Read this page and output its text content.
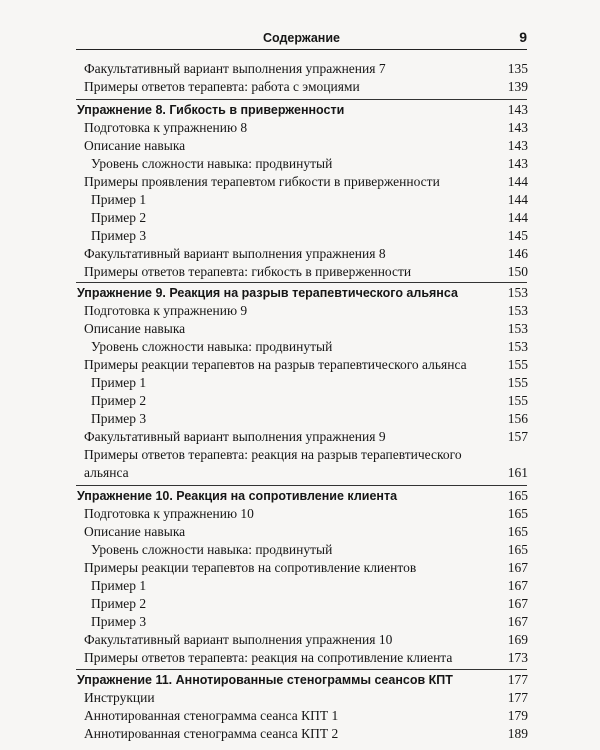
Содержание	9
Факультативный вариант выполнения упражнения 7	135
Примеры ответов терапевта: работа с эмоциями	139
Упражнение 8. Гибкость в приверженности	143
Подготовка к упражнению 8	143
Описание навыка	143
Уровень сложности навыка: продвинутый	143
Примеры проявления терапевтом гибкости в приверженности	144
Пример 1	144
Пример 2	144
Пример 3	145
Факультативный вариант выполнения упражнения 8	146
Примеры ответов терапевта: гибкость в приверженности	150
Упражнение 9. Реакция на разрыв терапевтического альянса	153
Подготовка к упражнению 9	153
Описание навыка	153
Уровень сложности навыка: продвинутый	153
Примеры реакции терапевтов на разрыв терапевтического альянса	155
Пример 1	155
Пример 2	155
Пример 3	156
Факультативный вариант выполнения упражнения 9	157
Примеры ответов терапевта: реакция на разрыв терапевтического
альянса	161
Упражнение 10. Реакция на сопротивление клиента	165
Подготовка к упражнению 10	165
Описание навыка	165
Уровень сложности навыка: продвинутый	165
Примеры реакции терапевтов на сопротивление клиентов	167
Пример 1	167
Пример 2	167
Пример 3	167
Факультативный вариант выполнения упражнения 10	169
Примеры ответов терапевта: реакция на сопротивление клиента	173
Упражнение 11. Аннотированные стенограммы сеансов КПТ	177
Инструкции	177
Аннотированная стенограмма сеанса КПТ 1	179
Аннотированная стенограмма сеанса КПТ 2	189
